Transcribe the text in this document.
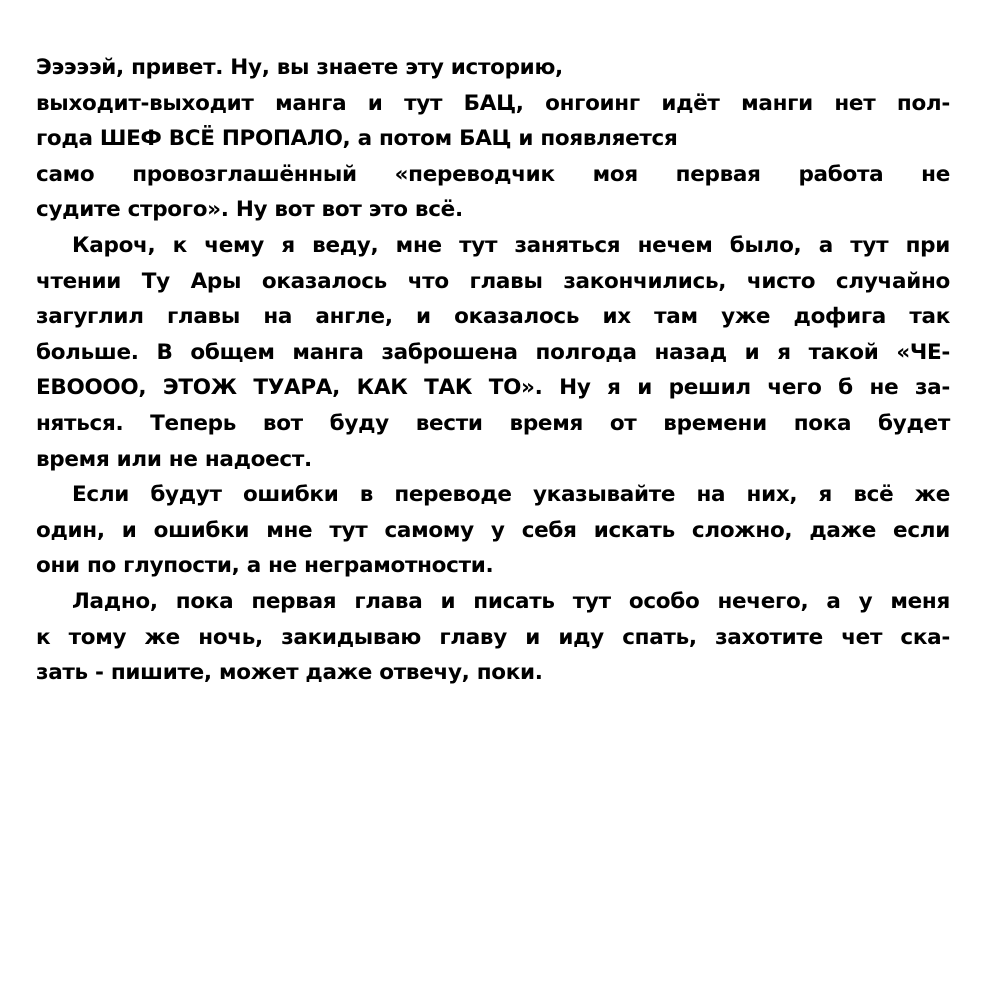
Эээээй, привет. Ну, вы знаете эту историю,
выходит-выходит манга и тут БАЦ, онгоинг идёт манги нет пол-
года ШЕФ ВСЁ ПРОПАЛО, а потом БАЦ и появляется
само провозглашённый «переводчик моя первая работа не
судите строго». Ну вот вот это всё.
Кароч, к чему я веду, мне тут заняться нечем было, а тут при
чтении Ту Ары оказалось что главы закончились, чисто случайно
загуглил главы на англе, и оказалось их там уже дофига так
больше. В общем манга заброшена полгода назад и я такой «ЧЕ-
ЕВОООО, ЭТОЖ ТУАРА, КАК ТАК ТО». Ну я и решил чего б не за-
няться. Теперь вот буду вести время от времени пока будет
время или не надоест.
Если будут ошибки в переводе указывайте на них, я всё же
один, и ошибки мне тут самому у себя искать сложно, даже если
они по глупости, а не неграмотности.
Ладно, пока первая глава и писать тут особо нечего, а у меня
к тому же ночь, закидываю главу и иду спать, захотите чет ска-
зать - пишите, может даже отвечу, поки.
